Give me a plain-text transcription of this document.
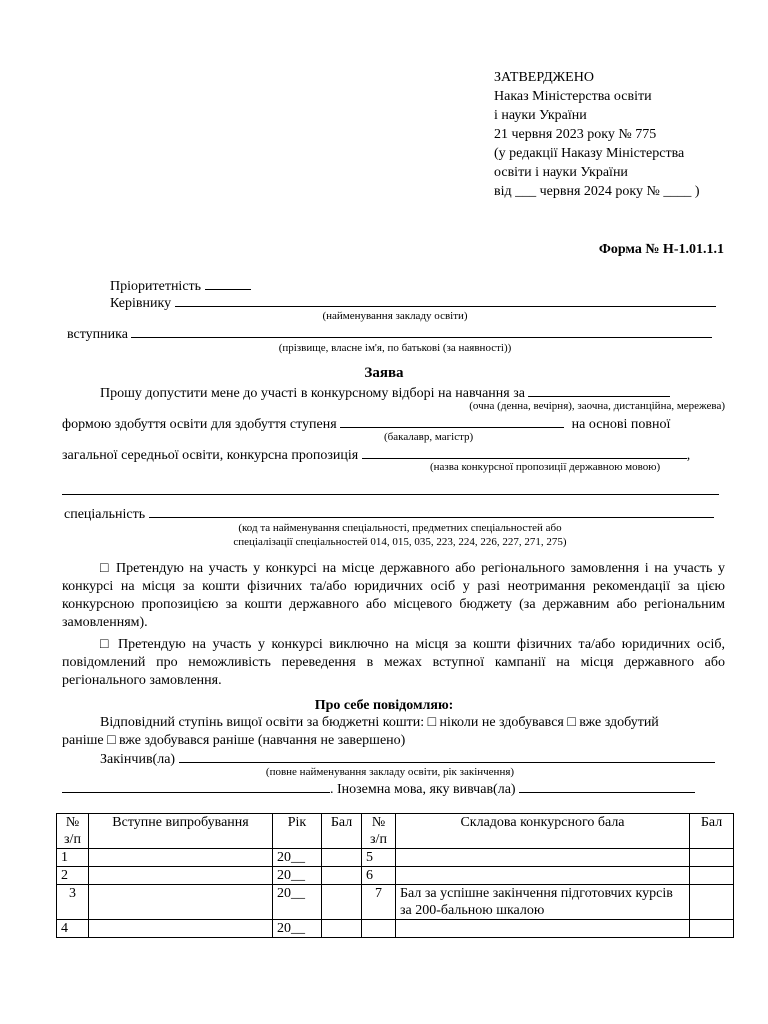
ЗАТВЕРДЖЕНО
Наказ Міністерства освіти
і науки України
21 червня 2023 року № 775
(у редакції Наказу Міністерства
освіти і науки України
від ___ червня 2024 року № ____ )
Форма № Н-1.01.1.1
Пріоритетність
Керівнику
(найменування закладу освіти)
вступника
(прізвище, власне ім'я, по батькові (за наявності))
Заява
Прошу допустити мене до участі в конкурсному відборі на навчання за
(очна (денна, вечірня), заочна, дистанційна, мережева)
формою здобуття освіти для здобуття ступеня	на основі повної
(бакалавр, магістр)
загальної середньої освіти, конкурсна пропозиція	,
(назва конкурсної пропозиції державною мовою)
спеціальність
(код та найменування спеціальності, предметних спеціальностей або
спеціалізації спеціальностей 014, 015, 035, 223, 224, 226, 227, 271, 275)
□ Претендую на участь у конкурсі на місце державного або регіонального замовлення і на участь у конкурсі на місця за кошти фізичних та/або юридичних осіб у разі неотримання рекомендації за цією конкурсною пропозицією за кошти державного або місцевого бюджету (за державним або регіональним замовленням).
□ Претендую на участь у конкурсі виключно на місця за кошти фізичних та/або юридичних осіб, повідомлений про неможливість переведення в межах вступної кампанії на місця державного або регіонального замовлення.
Про себе повідомляю:
Відповідний ступінь вищої освіти за бюджетні кошти: □ ніколи не здобувався □ вже здобутий
раніше □ вже здобувався раніше (навчання не завершено)
Закінчив(ла)
(повне найменування закладу освіти, рік закінчення)
. Іноземна мова, яку вивчав(ла)
№ з/п	Вступне випробування	Рік	Бал	№ з/п	Складова конкурсного бала	Бал
1		20__		5		
2		20__		6		
3		20__		7	Бал за успішне закінчення підготовчих курсів за 200-бальною шкалою	
4		20__				
